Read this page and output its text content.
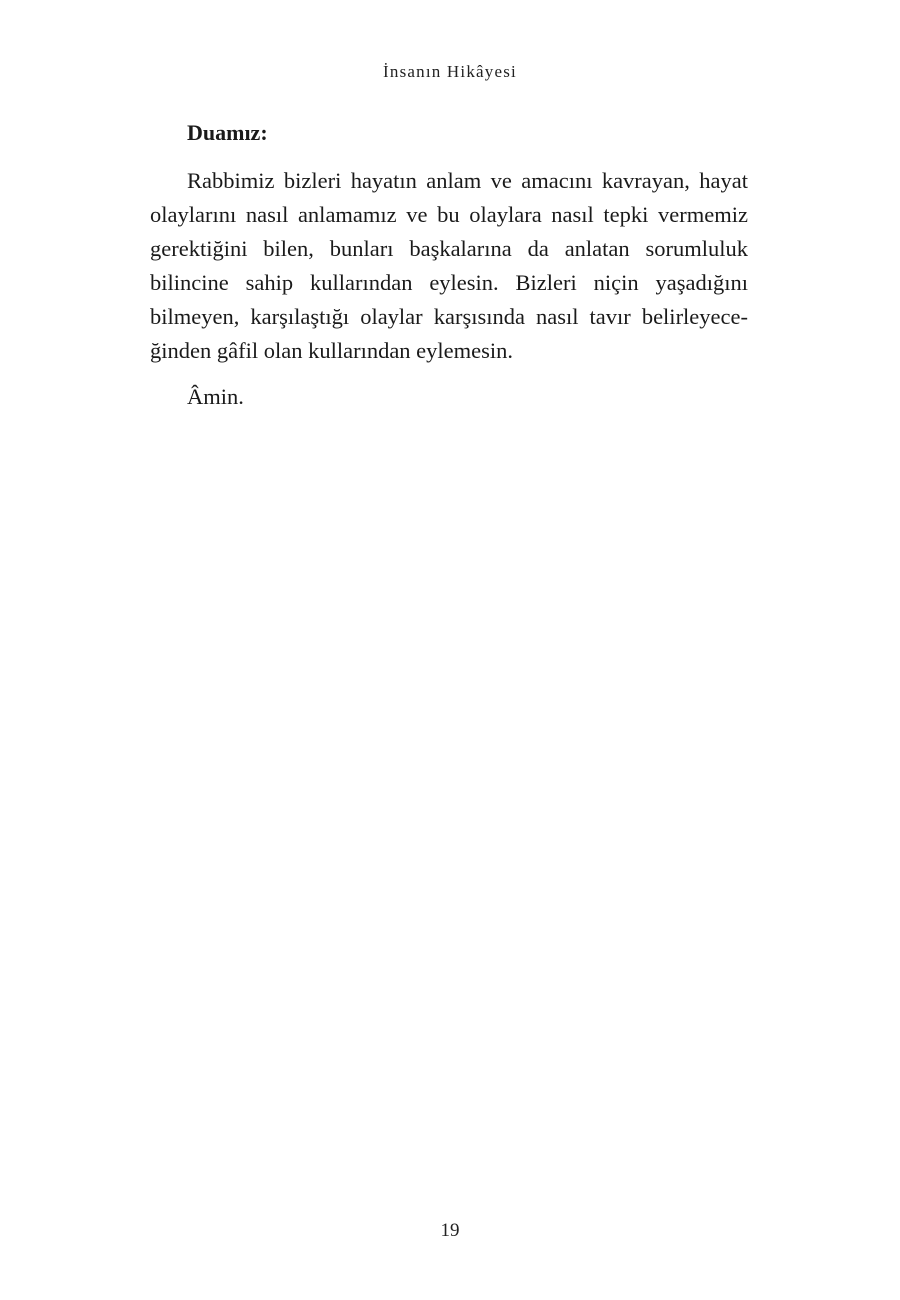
İnsanın Hikâyesi
Duamız:
Rabbimiz bizleri hayatın anlam ve amacını kavrayan, hayat
olaylarını nasıl anlamamız ve bu olaylara nasıl tepki vermemiz
gerektiğini bilen, bunları başkalarına da anlatan sorumluluk
bilincine sahip kullarından eylesin. Bizleri niçin yaşadığını
bilmeyen, karşılaştığı olaylar karşısında nasıl tavır belirleyece-
ğinden gâfil olan kullarından eylemesin.
Âmin.
19
